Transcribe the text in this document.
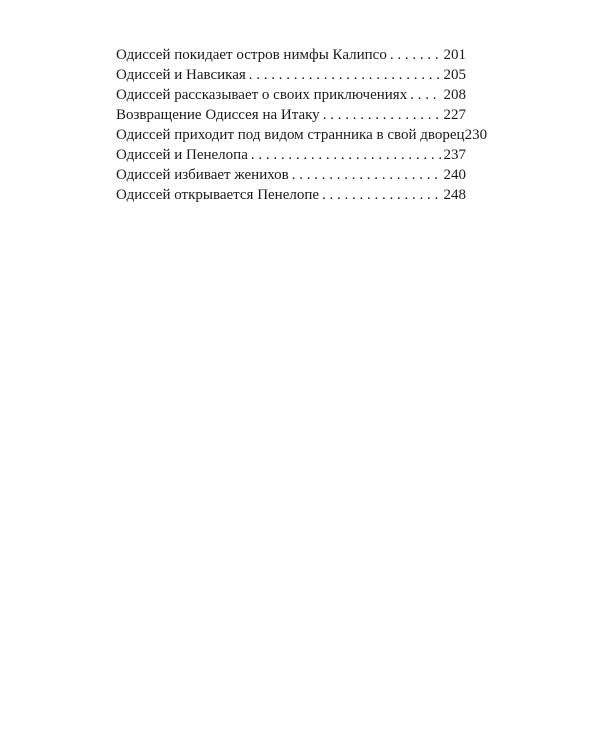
Одиссей покидает остров нимфы Калипсо . . .	201
Одиссей и Навсикая . . .	205
Одиссей рассказывает о своих приключениях . . . 208
Возвращение Одиссея на Итаку . . .	227
Одиссей приходит под видом странника в свой дворец 230
Одиссей и Пенелопа . . .	237
Одиссей избивает женихов . . .	240
Одиссей открывается Пенелопе . . .	248
